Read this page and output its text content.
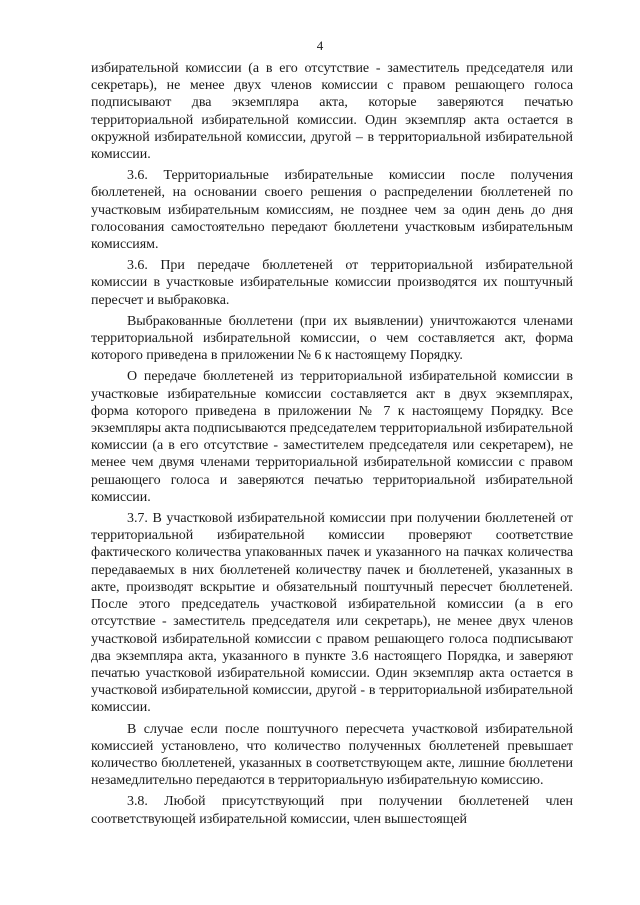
4

избирательной комиссии (а в его отсутствие - заместитель председателя или секретарь), не менее двух членов комиссии с правом решающего голоса подписывают два экземпляра акта, которые заверяются печатью территориальной избирательной комиссии. Один экземпляр акта остается в окружной избирательной комиссии, другой – в территориальной избирательной комиссии.

3.6. Территориальные избирательные комиссии после получения бюллетеней, на основании своего решения о распределении бюллетеней по участковым избирательным комиссиям, не позднее чем за один день до дня голосования самостоятельно передают бюллетени участковым избирательным комиссиям.

3.6. При передаче бюллетеней от территориальной избирательной комиссии в участковые избирательные комиссии производятся их поштучный пересчет и выбраковка.

Выбракованные бюллетени (при их выявлении) уничтожаются членами территориальной избирательной комиссии, о чем составляется акт, форма которого приведена в приложении № 6 к настоящему Порядку.

О передаче бюллетеней из территориальной избирательной комиссии в участковые избирательные комиссии составляется акт в двух экземплярах, форма которого приведена в приложении № 7 к настоящему Порядку. Все экземпляры акта подписываются председателем территориальной избирательной комиссии (а в его отсутствие - заместителем председателя или секретарем), не менее чем двумя членами территориальной избирательной комиссии с правом решающего голоса и заверяются печатью территориальной избирательной комиссии.

3.7. В участковой избирательной комиссии при получении бюллетеней от территориальной избирательной комиссии проверяют соответствие фактического количества упакованных пачек и указанного на пачках количества передаваемых в них бюллетеней количеству пачек и бюллетеней, указанных в акте, производят вскрытие и обязательный поштучный пересчет бюллетеней. После этого председатель участковой избирательной комиссии (а в его отсутствие - заместитель председателя или секретарь), не менее двух членов участковой избирательной комиссии с правом решающего голоса подписывают два экземпляра акта, указанного в пункте 3.6 настоящего Порядка, и заверяют печатью участковой избирательной комиссии. Один экземпляр акта остается в участковой избирательной комиссии, другой - в территориальной избирательной комиссии.

В случае если после поштучного пересчета участковой избирательной комиссией установлено, что количество полученных бюллетеней превышает количество бюллетеней, указанных в соответствующем акте, лишние бюллетени незамедлительно передаются в территориальную избирательную комиссию.

3.8. Любой присутствующий при получении бюллетеней член соответствующей избирательной комиссии, член вышестоящей
